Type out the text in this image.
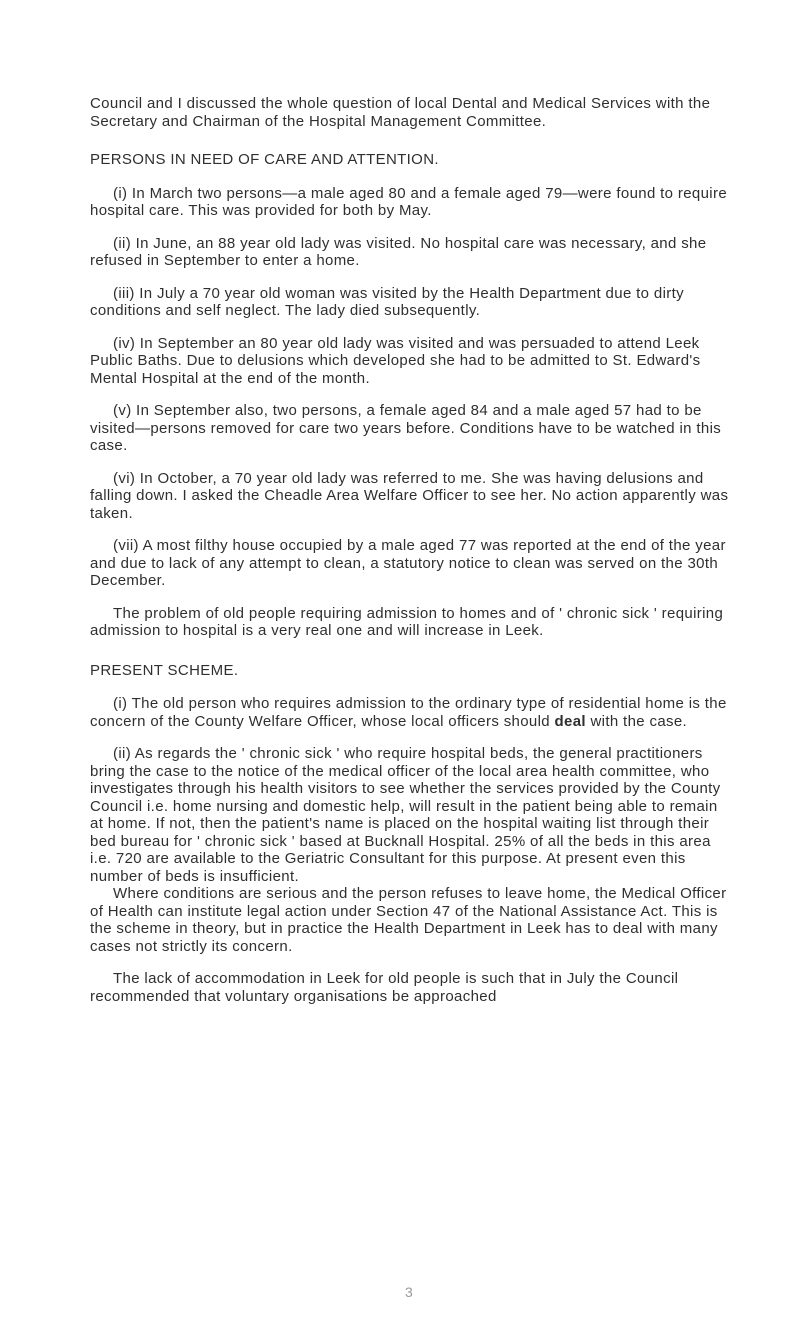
Council and I discussed the whole question of local Dental and Medical Services with the Secretary and Chairman of the Hospital Management Committee.

PERSONS IN NEED OF CARE AND ATTENTION.

(i) In March two persons—a male aged 80 and a female aged 79—were found to require hospital care. This was provided for both by May.

(ii) In June, an 88 year old lady was visited. No hospital care was necessary, and she refused in September to enter a home.

(iii) In July a 70 year old woman was visited by the Health Department due to dirty conditions and self neglect. The lady died subsequently.

(iv) In September an 80 year old lady was visited and was persuaded to attend Leek Public Baths. Due to delusions which developed she had to be admitted to St. Edward's Mental Hospital at the end of the month.

(v) In September also, two persons, a female aged 84 and a male aged 57 had to be visited—persons removed for care two years before. Conditions have to be watched in this case.

(vi) In October, a 70 year old lady was referred to me. She was having delusions and falling down. I asked the Cheadle Area Welfare Officer to see her. No action apparently was taken.

(vii) A most filthy house occupied by a male aged 77 was reported at the end of the year and due to lack of any attempt to clean, a statutory notice to clean was served on the 30th December.

The problem of old people requiring admission to homes and of ' chronic sick ' requiring admission to hospital is a very real one and will increase in Leek.

PRESENT SCHEME.

(i) The old person who requires admission to the ordinary type of residential home is the concern of the County Welfare Officer, whose local officers should deal with the case.

(ii) As regards the ' chronic sick ' who require hospital beds, the general practitioners bring the case to the notice of the medical officer of the local area health committee, who investigates through his health visitors to see whether the services provided by the County Council i.e. home nursing and domestic help, will result in the patient being able to remain at home. If not, then the patient's name is placed on the hospital waiting list through their bed bureau for ' chronic sick ' based at Bucknall Hospital. 25% of all the beds in this area i.e. 720 are available to the Geriatric Consultant for this purpose. At present even this number of beds is insufficient.

Where conditions are serious and the person refuses to leave home, the Medical Officer of Health can institute legal action under Section 47 of the National Assistance Act. This is the scheme in theory, but in practice the Health Department in Leek has to deal with many cases not strictly its concern.

The lack of accommodation in Leek for old people is such that in July the Council recommended that voluntary organisations be approached

3
